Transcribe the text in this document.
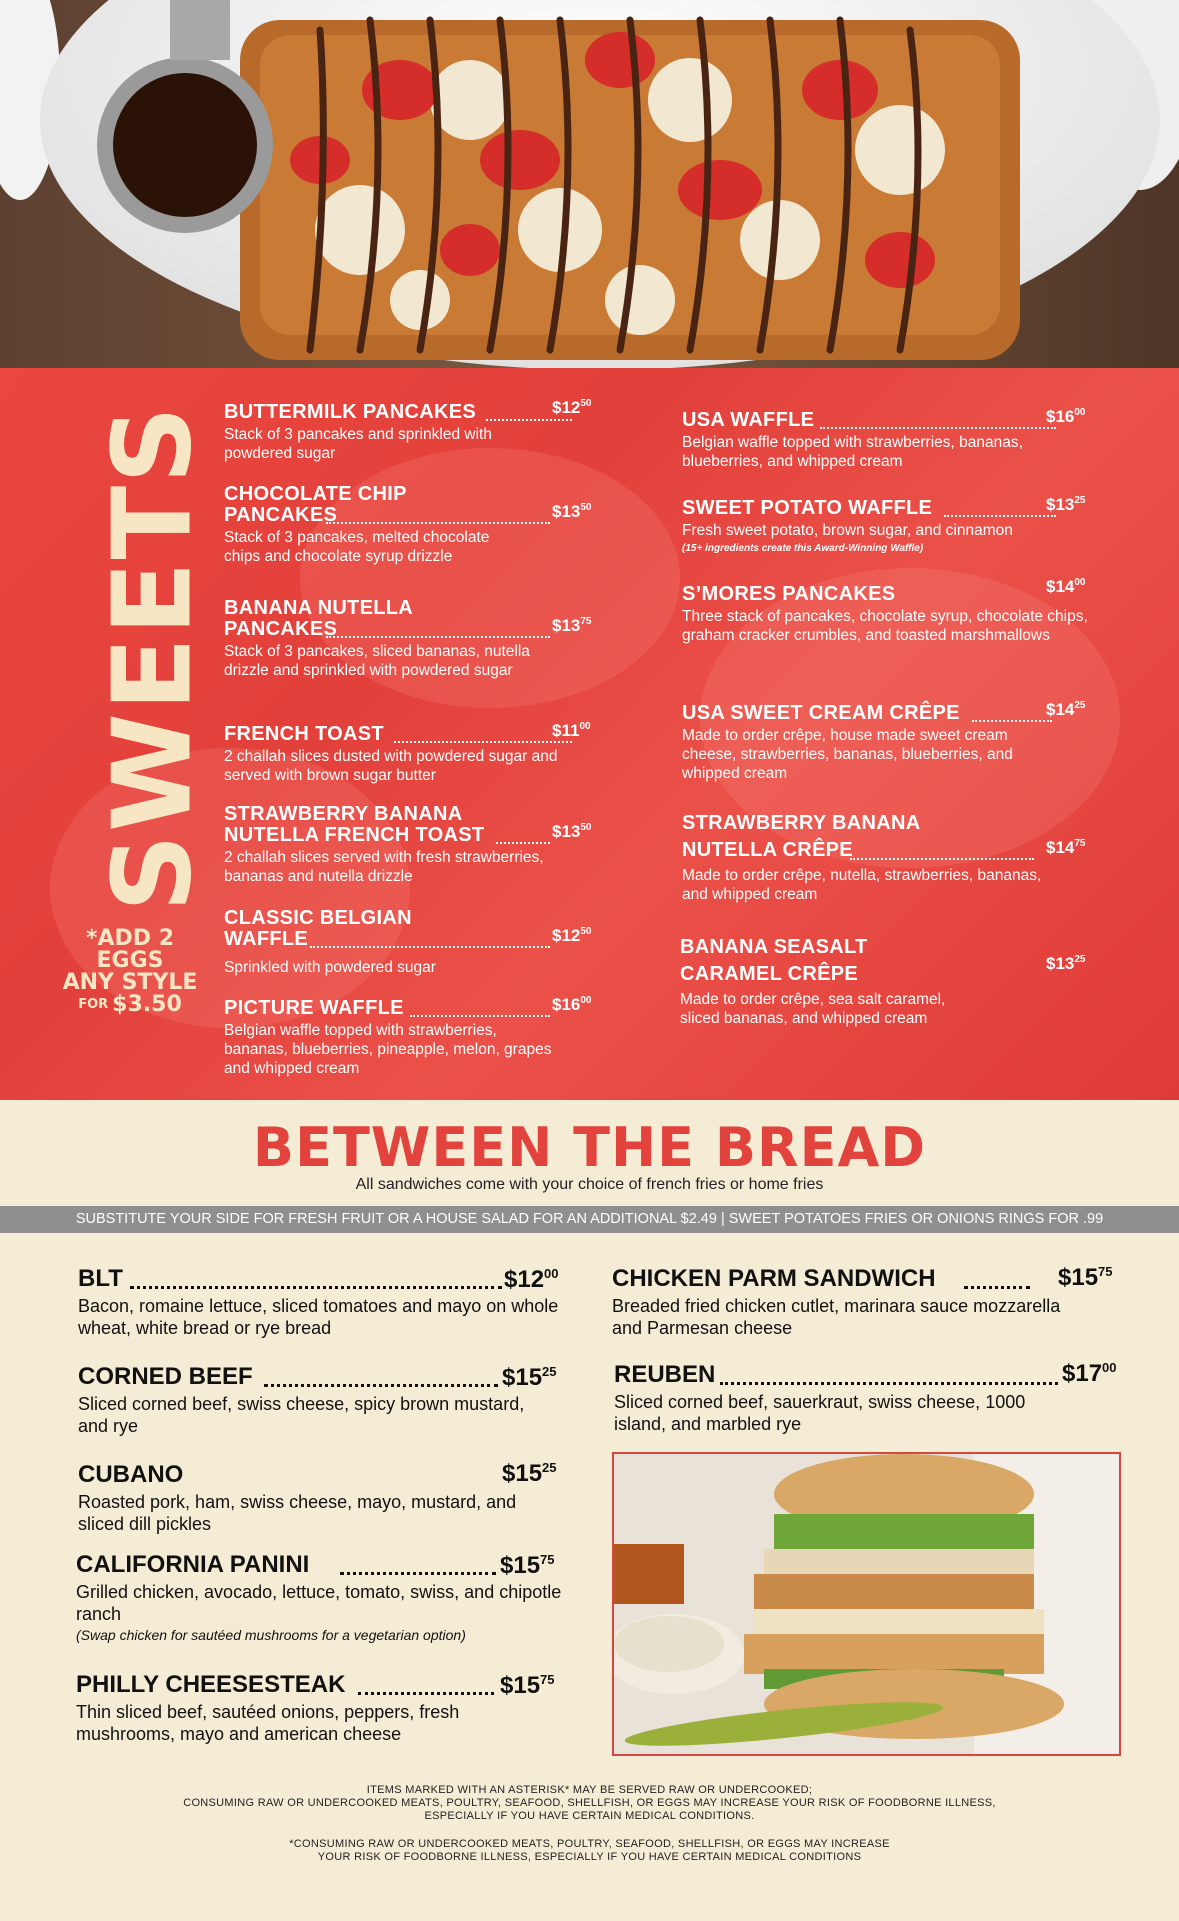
SWEETS
*ADD 2
EGGS
ANY STYLE
FOR $3.50
BUTTERMILK PANCAKES	$\$12^{50}$
Stack of 3 pancakes and sprinkled with powdered sugar
CHOCOLATE CHIP
PANCAKES	$\$13^{50}$
Stack of 3 pancakes, melted chocolate chips and chocolate syrup drizzle
BANANA NUTELLA
PANCAKES	$\$13^{75}$
Stack of 3 pancakes, sliced bananas, nutella drizzle and sprinkled with powdered sugar
FRENCH TOAST	$\$11^{00}$
2 challah slices dusted with powdered sugar and served with brown sugar butter
STRAWBERRY BANANA
NUTELLA FRENCH TOAST	$\$13^{50}$
2 challah slices served with fresh strawberries, bananas and nutella drizzle
CLASSIC BELGIAN
WAFFLE	$\$12^{50}$
Sprinkled with powdered sugar
PICTURE WAFFLE	$\$16^{00}$
Belgian waffle topped with strawberries, bananas, blueberries, pineapple, melon, grapes and whipped cream
USA WAFFLE	$\$16^{00}$
Belgian waffle topped with strawberries, bananas, blueberries, and whipped cream
SWEET POTATO WAFFLE	$\$13^{25}$
Fresh sweet potato, brown sugar, and cinnamon
(15+ ingredients create this Award-Winning Waffle)
S’MORES PANCAKES	$\$14^{00}$
Three stack of pancakes, chocolate syrup, chocolate chips, graham cracker crumbles, and toasted marshmallows
USA SWEET CREAM CRÊPE	$\$14^{25}$
Made to order crêpe, house made sweet cream cheese, strawberries, bananas, blueberries, and whipped cream
STRAWBERRY BANANA
NUTELLA CRÊPE	$\$14^{75}$
Made to order crêpe, nutella, strawberries, bananas, and whipped cream
BANANA SEASALT
CARAMEL CRÊPE	$\$13^{25}$
Made to order crêpe, sea salt caramel, sliced bananas, and whipped cream
BETWEEN THE BREAD
All sandwiches come with your choice of french fries or home fries
SUBSTITUTE YOUR SIDE FOR FRESH FRUIT OR A HOUSE SALAD FOR AN ADDITIONAL $2.49 | SWEET POTATOES FRIES OR ONIONS RINGS FOR .99
BLT	$\$12^{00}$
Bacon, romaine lettuce, sliced tomatoes and mayo on whole wheat, white bread or rye bread
CORNED BEEF	$\$15^{25}$
Sliced corned beef, swiss cheese, spicy brown mustard, and rye
CUBANO	$\$15^{25}$
Roasted pork, ham, swiss cheese, mayo, mustard, and sliced dill pickles
CALIFORNIA PANINI	$\$15^{75}$
Grilled chicken, avocado, lettuce, tomato, swiss, and chipotle ranch
(Swap chicken for sautéed mushrooms for a vegetarian option)
PHILLY CHEESESTEAK	$\$15^{75}$
Thin sliced beef, sautéed onions, peppers, fresh mushrooms, mayo and american cheese
CHICKEN PARM SANDWICH	$\$15^{75}$
Breaded fried chicken cutlet, marinara sauce mozzarella and Parmesan cheese
REUBEN	$\$17^{00}$
Sliced corned beef, sauerkraut, swiss cheese, 1000 island, and marbled rye
ITEMS MARKED WITH AN ASTERISK* MAY BE SERVED RAW OR UNDERCOOKED;
CONSUMING RAW OR UNDERCOOKED MEATS, POULTRY, SEAFOOD, SHELLFISH, OR EGGS MAY INCREASE YOUR RISK OF FOODBORNE ILLNESS,
ESPECIALLY IF YOU HAVE CERTAIN MEDICAL CONDITIONS.
*CONSUMING RAW OR UNDERCOOKED MEATS, POULTRY, SEAFOOD, SHELLFISH, OR EGGS MAY INCREASE
YOUR RISK OF FOODBORNE ILLNESS, ESPECIALLY IF YOU HAVE CERTAIN MEDICAL CONDITIONS
